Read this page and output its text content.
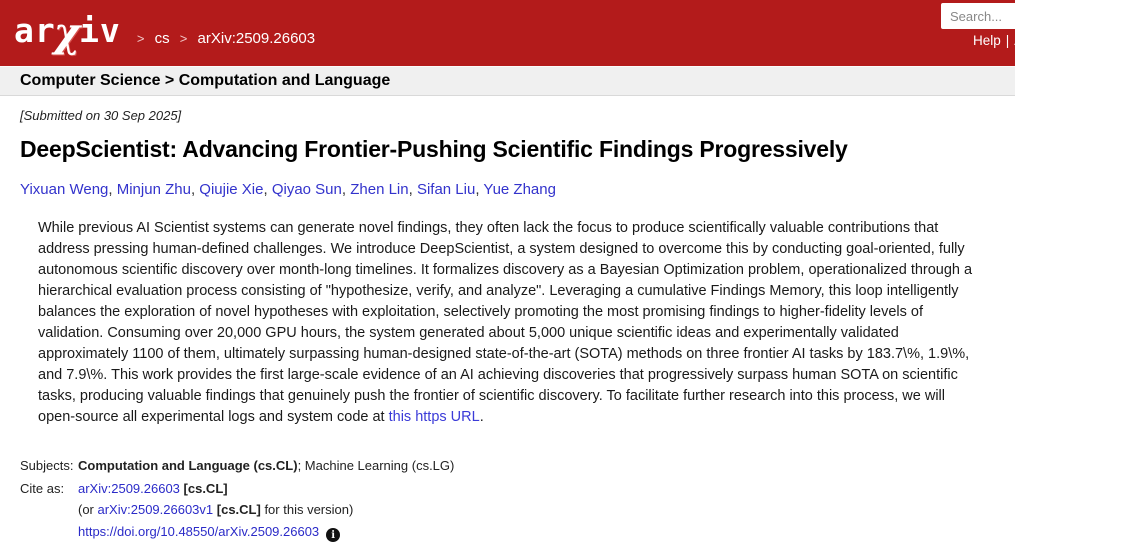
arχiv	> cs > arXiv:2509.26603
Search...	Help | Advanced Search
Computer Science > Computation and Language
[Submitted on 30 Sep 2025]
DeepScientist: Advancing Frontier-Pushing Scientific Findings Progressively
Yixuan Weng, Minjun Zhu, Qiujie Xie, Qiyao Sun, Zhen Lin, Sifan Liu, Yue Zhang

While previous AI Scientist systems can generate novel findings, they often lack the focus to produce scientifically valuable contributions that address pressing human-defined challenges. We introduce DeepScientist, a system designed to overcome this by conducting goal-oriented, fully autonomous scientific discovery over month-long timelines. It formalizes discovery as a Bayesian Optimization problem, operationalized through a hierarchical evaluation process consisting of "hypothesize, verify, and analyze". Leveraging a cumulative Findings Memory, this loop intelligently balances the exploration of novel hypotheses with exploitation, selectively promoting the most promising findings to higher-fidelity levels of validation. Consuming over 20,000 GPU hours, the system generated about 5,000 unique scientific ideas and experimentally validated approximately 1100 of them, ultimately surpassing human-designed state-of-the-art (SOTA) methods on three frontier AI tasks by 183.7\%, 1.9\%, and 7.9\%. This work provides the first large-scale evidence of an AI achieving discoveries that progressively surpass human SOTA on scientific tasks, producing valuable findings that genuinely push the frontier of scientific discovery. To facilitate further research into this process, we will open-source all experimental logs and system code at this https URL.

Subjects: Computation and Language (cs.CL); Machine Learning (cs.LG)
Cite as:	arXiv:2509.26603 [cs.CL]
(or arXiv:2509.26603v1 [cs.CL] for this version)
https://doi.org/10.48550/arXiv.2509.26603 i
